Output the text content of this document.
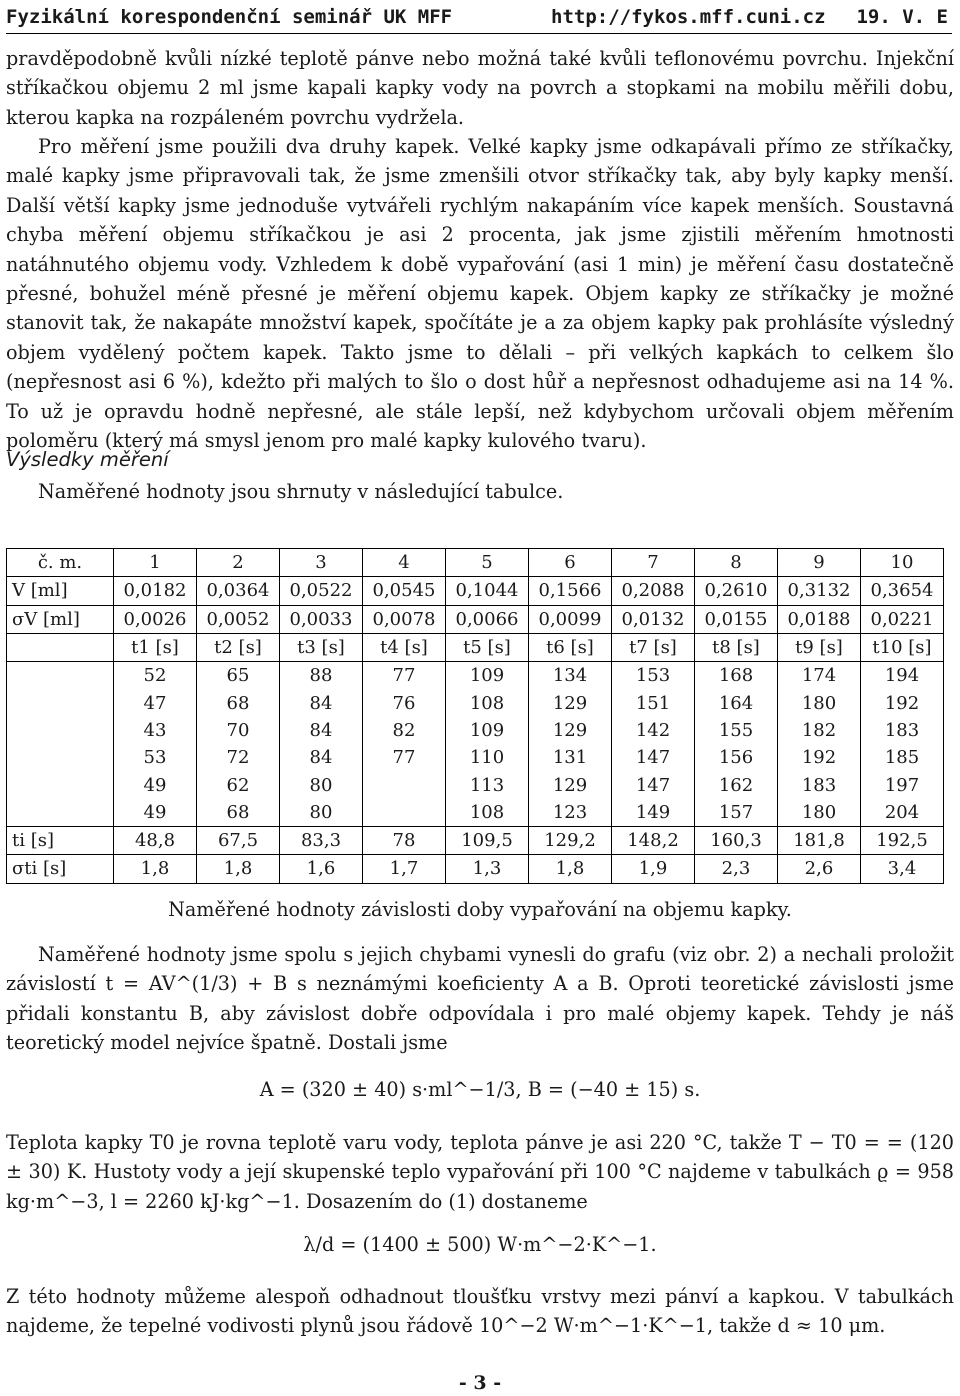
Fyzikální korespondenční seminář UK MFF	http://fykos.mff.cuni.cz 19. V. E

pravděpodobně kvůli nízké teplotě pánve nebo možná také kvůli teflonovému povrchu. Injekční stříkačkou objemu 2 ml jsme kapali kapky vody na povrch a stopkami na mobilu měřili dobu, kterou kapka na rozpáleném povrchu vydržela.

Pro měření jsme použili dva druhy kapek. Velké kapky jsme odkapávali přímo ze stříkačky, malé kapky jsme připravovali tak, že jsme zmenšili otvor stříkačky tak, aby byly kapky menší. Další větší kapky jsme jednoduše vytvářeli rychlým nakapáním více kapek menších. Soustavná chyba měření objemu stříkačkou je asi 2 procenta, jak jsme zjistili měřením hmotnosti natáhnutého objemu vody. Vzhledem k době vypařování (asi 1 min) je měření času dostatečně přesné, bohužel méně přesné je měření objemu kapek. Objem kapky ze stříkačky je možné stanovit tak, že nakapáte množství kapek, spočítáte je a za objem kapky pak prohlásíte výsledný objem vydělený počtem kapek. Takto jsme to dělali – při velkých kapkách to celkem šlo (nepřesnost asi 6 %), kdežto při malých to šlo o dost hůř a nepřesnost odhadujeme asi na 14 %. To už je opravdu hodně nepřesné, ale stále lepší, než kdybychom určovali objem měřením poloměru (který má smysl jenom pro malé kapky kulového tvaru).

Výsledky měření
Naměřené hodnoty jsou shrnuty v následující tabulce.
č. m.	1	2	3	4	5	6	7	8	9	10
V [ml]	0,0182	0,0364	0,0522	0,0545	0,1044	0,1566	0,2088	0,2610	0,3132	0,3654
σV [ml]	0,0026	0,0052	0,0033	0,0078	0,0066	0,0099	0,0132	0,0155	0,0188	0,0221
	t1 [s]	t2 [s]	t3 [s]	t4 [s]	t5 [s]	t6 [s]	t7 [s]	t8 [s]	t9 [s]	t10 [s]
	52	65	88	77	109	134	153	168	174	194
	47	68	84	76	108	129	151	164	180	192
	43	70	84	82	109	129	142	155	182	183
	53	72	84	77	110	131	147	156	192	185
	49	62	80		113	129	147	162	183	197
	49	68	80		108	123	149	157	180	204
ti [s]	48,8	67,5	83,3	78	109,5	129,2	148,2	160,3	181,8	192,5
σti [s]	1,8	1,8	1,6	1,7	1,3	1,8	1,9	2,3	2,6	3,4
Naměřené hodnoty závislosti doby vypařování na objemu kapky.

Naměřené hodnoty jsme spolu s jejich chybami vynesli do grafu (viz obr. 2) a nechali proložit závislostí t = AV^(1/3) + B s neznámými koeficienty A a B. Oproti teoretické závislosti jsme přidali konstantu B, aby závislost dobře odpovídala i pro malé objemy kapek. Tehdy je náš teoretický model nejvíce špatně. Dostali jsme

A = (320 ± 40) s·ml^−1/3, B = (−40 ± 15) s.

Teplota kapky T0 je rovna teplotě varu vody, teplota pánve je asi 220 °C, takže T − T0 = = (120 ± 30) K. Hustoty vody a její skupenské teplo vypařování při 100 °C najdeme v tabulkách ϱ = 958 kg·m^−3, l = 2260 kJ·kg^−1. Dosazením do (1) dostaneme

λ/d = (1400 ± 500) W·m^−2·K^−1.

Z této hodnoty můžeme alespoň odhadnout tloušťku vrstvy mezi pánví a kapkou. V tabulkách najdeme, že tepelné vodivosti plynů jsou řádově 10^−2 W·m^−1·K^−1, takže d ≈ 10 μm.

- 3 -
